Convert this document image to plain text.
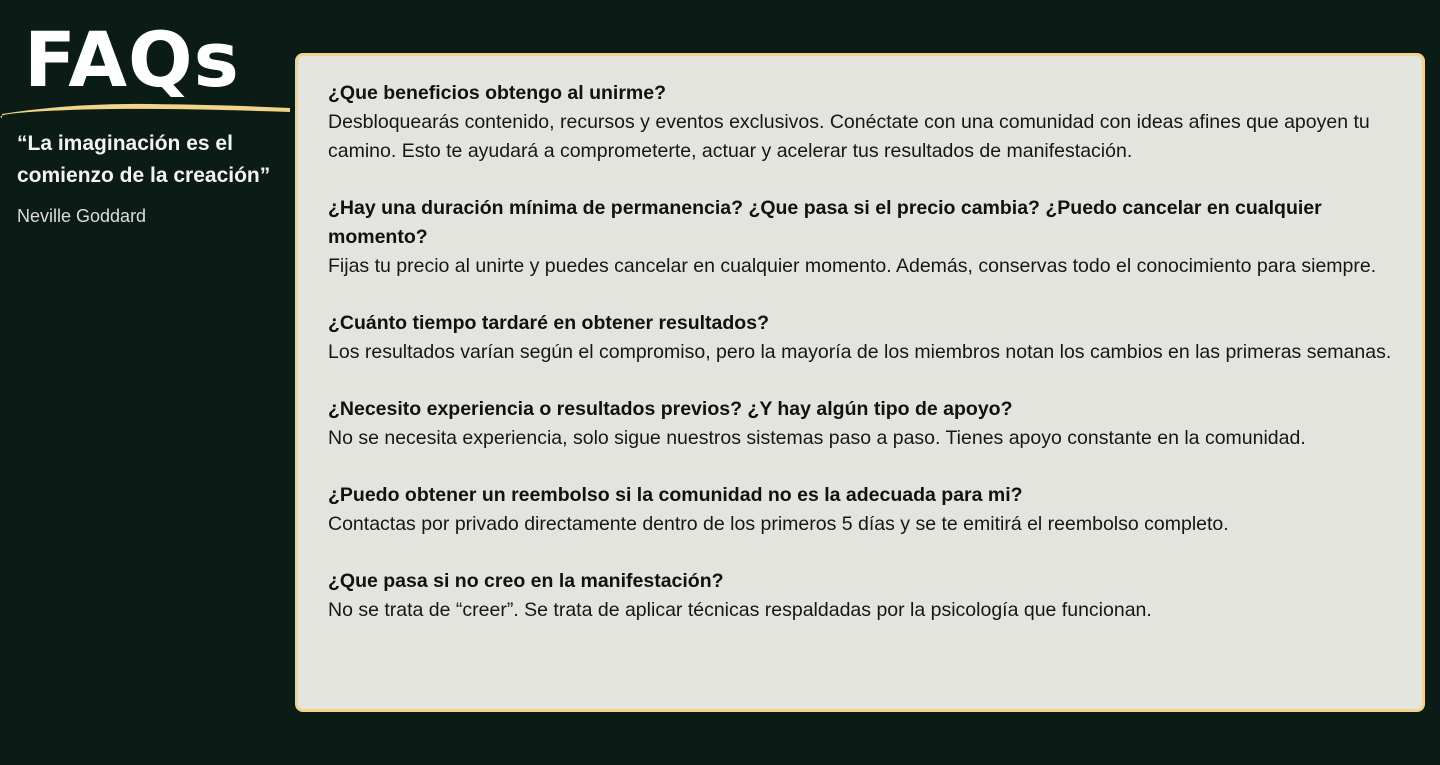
FAQs

“La imaginación es el comienzo de la creación”

Neville Goddard

¿Que beneficios obtengo al unirme?

Desbloquearás contenido, recursos y eventos exclusivos. Conéctate con una comunidad con ideas afines que apoyen tu camino. Esto te ayudará a comprometerte, actuar y acelerar tus resultados de manifestación.

¿Hay una duración mínima de permanencia? ¿Que pasa si el precio cambia? ¿Puedo cancelar en cualquier momento?

Fijas tu precio al unirte y puedes cancelar en cualquier momento. Además, conservas todo el conocimiento para siempre.

¿Cuánto tiempo tardaré en obtener resultados?

Los resultados varían según el compromiso, pero la mayoría de los miembros notan los cambios en las primeras semanas.

¿Necesito experiencia o resultados previos? ¿Y hay algún tipo de apoyo?

No se necesita experiencia, solo sigue nuestros sistemas paso a paso. Tienes apoyo constante en la comunidad.

¿Puedo obtener un reembolso si la comunidad no es la adecuada para mi?

Contactas por privado directamente dentro de los primeros 5 días y se te emitirá el reembolso completo.

¿Que pasa si no creo en la manifestación?

No se trata de “creer”. Se trata de aplicar técnicas respaldadas por la psicología que funcionan.
